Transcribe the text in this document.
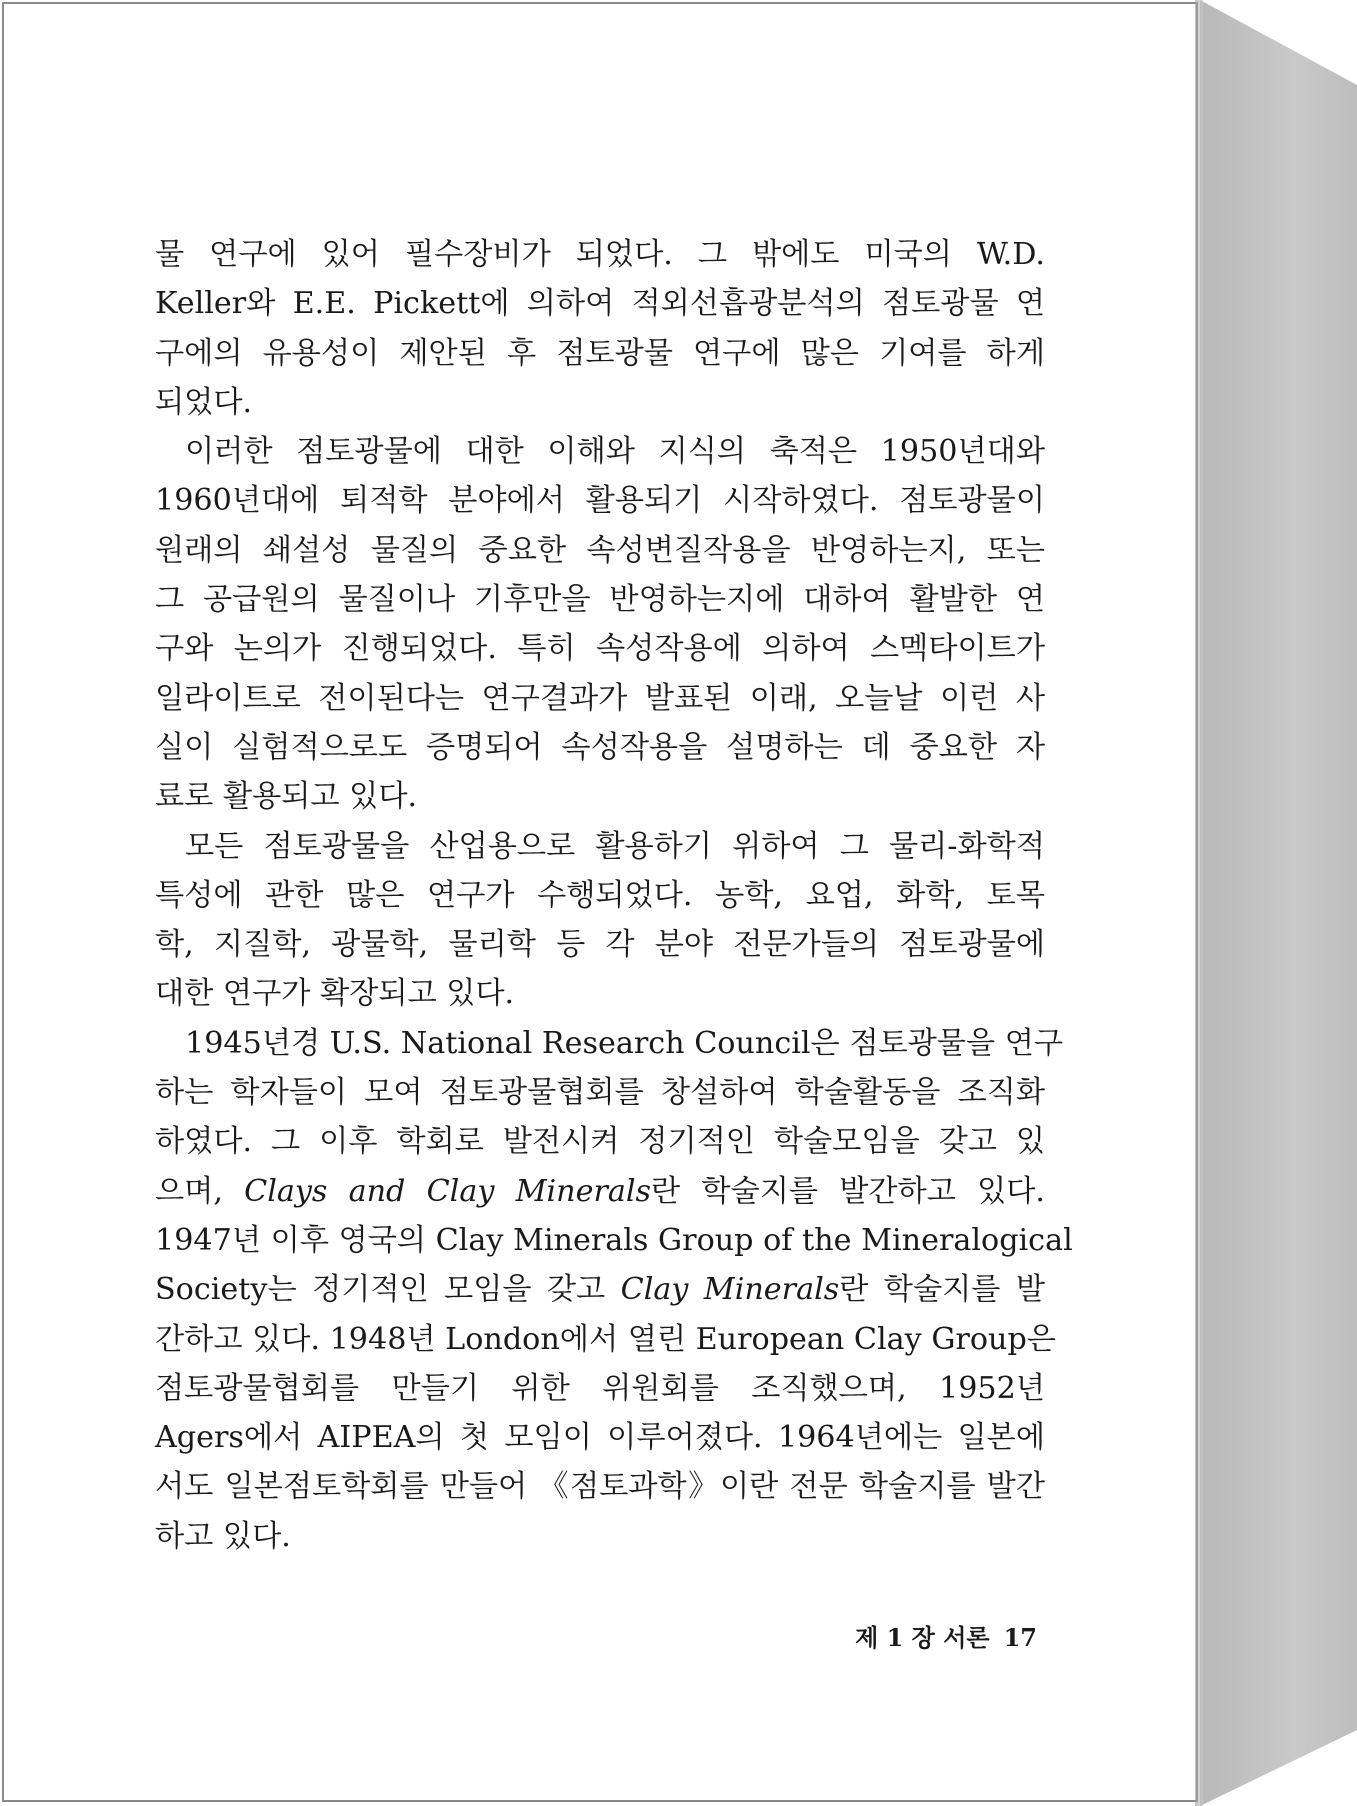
물 연구에 있어 필수장비가 되었다. 그 밖에도 미국의 W.D.
Keller와 E.E. Pickett에 의하여 적외선흡광분석의 점토광물 연
구에의 유용성이 제안된 후 점토광물 연구에 많은 기여를 하게
되었다.
이러한 점토광물에 대한 이해와 지식의 축적은 1950년대와
1960년대에 퇴적학 분야에서 활용되기 시작하였다. 점토광물이
원래의 쇄설성 물질의 중요한 속성변질작용을 반영하는지, 또는
그 공급원의 물질이나 기후만을 반영하는지에 대하여 활발한 연
구와 논의가 진행되었다. 특히 속성작용에 의하여 스멕타이트가
일라이트로 전이된다는 연구결과가 발표된 이래, 오늘날 이런 사
실이 실험적으로도 증명되어 속성작용을 설명하는 데 중요한 자
료로 활용되고 있다.
모든 점토광물을 산업용으로 활용하기 위하여 그 물리-화학적
특성에 관한 많은 연구가 수행되었다. 농학, 요업, 화학, 토목
학, 지질학, 광물학, 물리학 등 각 분야 전문가들의 점토광물에
대한 연구가 확장되고 있다.
1945년경 U.S. National Research Council은 점토광물을 연구
하는 학자들이 모여 점토광물협회를 창설하여 학술활동을 조직화
하였다. 그 이후 학회로 발전시켜 정기적인 학술모임을 갖고 있
으며, Clays and Clay Minerals란 학술지를 발간하고 있다.
1947년 이후 영국의 Clay Minerals Group of the Mineralogical
Society는 정기적인 모임을 갖고 Clay Minerals란 학술지를 발
간하고 있다. 1948년 London에서 열린 European Clay Group은
점토광물협회를 만들기 위한 위원회를 조직했으며, 1952년
Agers에서 AIPEA의 첫 모임이 이루어졌다. 1964년에는 일본에
서도 일본점토학회를 만들어 《점토과학》이란 전문 학술지를 발간
하고 있다.
제 1 장 서론 17
